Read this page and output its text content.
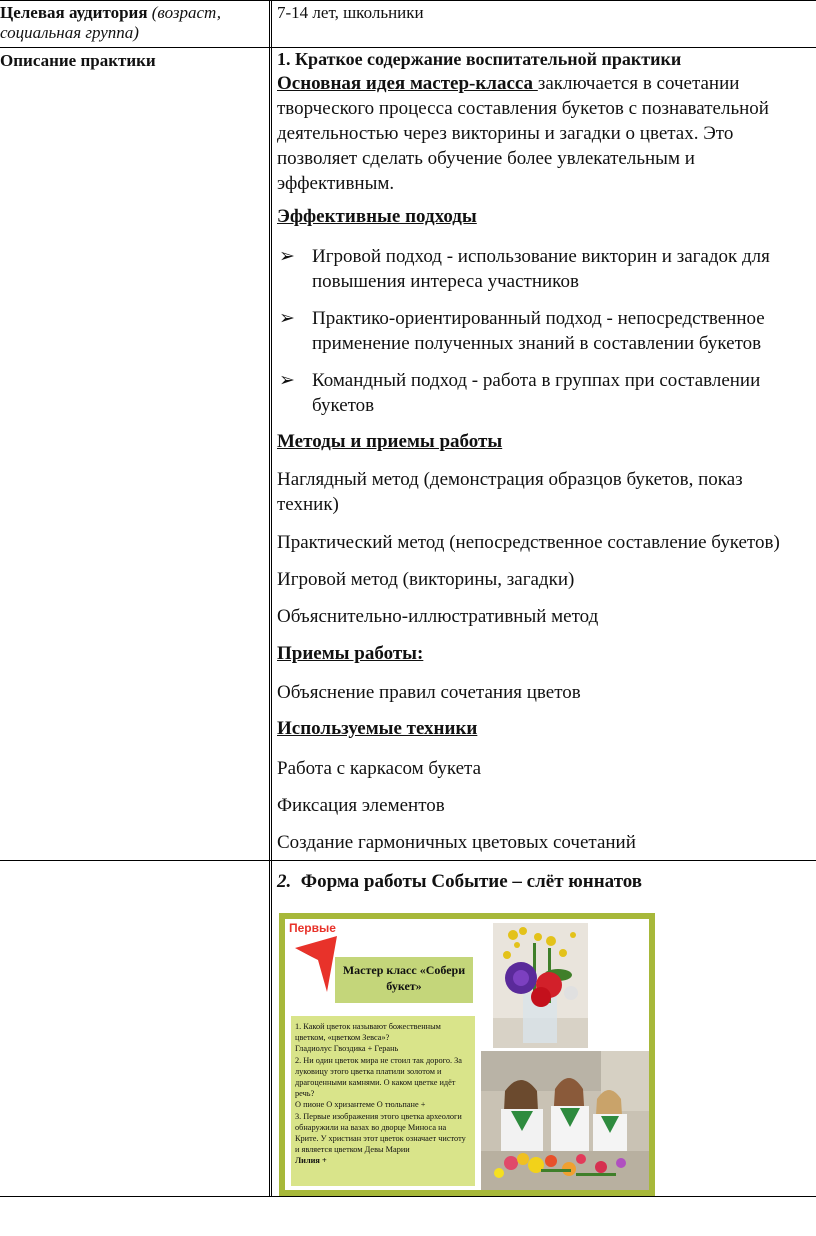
Целевая аудитория (возраст, социальная группа)
7-14 лет, школьники
Описание практики	1. Краткое содержание воспитательной практики
Основная идея мастер-класса заключается в сочетании творческого процесса составления букетов с познавательной деятельностью через викторины и загадки о цветах. Это позволяет сделать обучение более увлекательным и эффективным.
Эффективные подходы
➢ Игровой подход - использование викторин и загадок для повышения интереса участников
➢ Практико-ориентированный подход - непосредственное применение полученных знаний в составлении букетов
➢ Командный подход - работа в группах при составлении букетов
Методы и приемы работы
Наглядный метод (демонстрация образцов букетов, показ техник)
Практический метод (непосредственное составление букетов)
Игровой метод (викторины, загадки)
Объяснительно-иллюстративный метод
Приемы работы:
Объяснение правил сочетания цветов
Используемые техники
Работа с каркасом букета
Фиксация элементов
Создание гармоничных цветовых сочетаний
2. Форма работы Событие – слёт юннатов
Первые
Мастер класс «Собери букет»

1. Какой цветок называют божественным цветком, «цветком Зевса»?

Гладиолус Гвоздика + Герань

2. Ни один цветок мира не стоил так дорого. За луковицу этого цветка платили золотом и драгоценными камнями. О каком цветке идёт речь?

О пионе О хризантеме О тюльпане +

3. Первые изображения этого цветка археологи обнаружили на вазах во дворце Миноса на Крите. У христиан этот цветок означает чистоту и является цветком Девы Марии

Лилия +
